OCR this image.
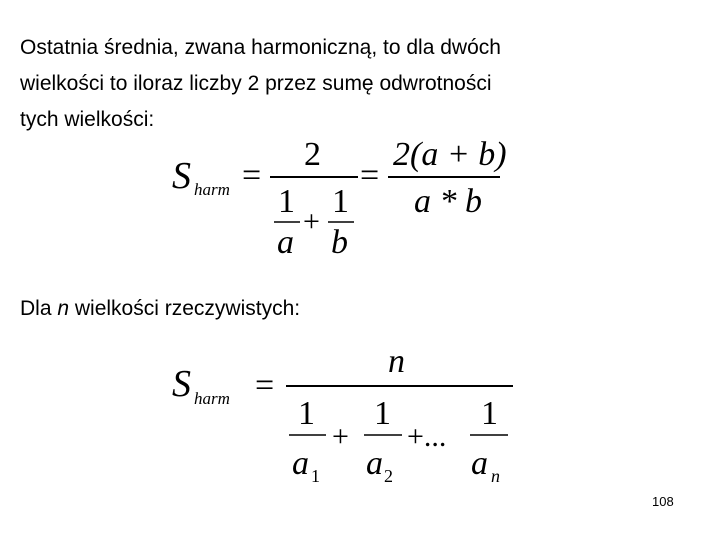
Ostatnia średnia, zwana harmoniczną, to dla dwóch
wielkości to iloraz liczby 2 przez sumę odwrotności
tych wielkości:
S harm =
2
1
a
+
1
b
=
2(a + b)
a * b
S harm =
n
1
a 1
+
1
a 2
+...
1
a n
Dla n wielkości rzeczywistych:
108
